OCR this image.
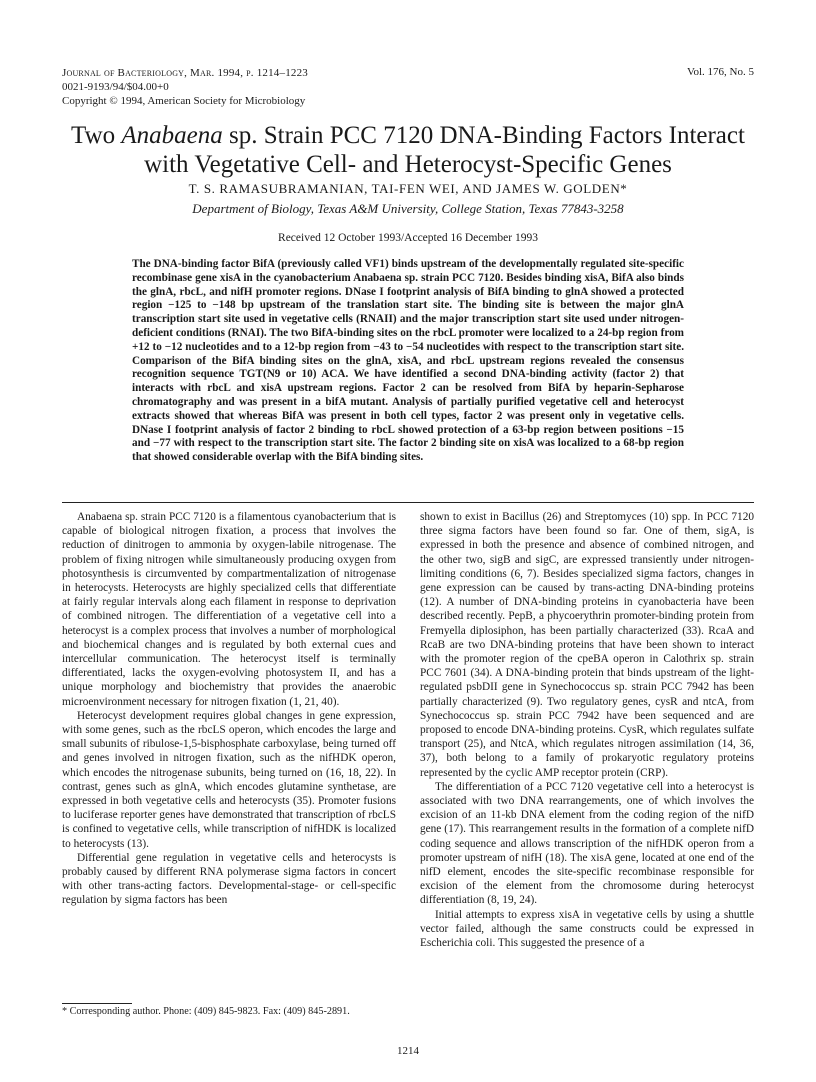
Journal of Bacteriology, Mar. 1994, p. 1214–1223
0021-9193/94/$04.00+0
Copyright © 1994, American Society for Microbiology
Vol. 176, No. 5
Two Anabaena sp. Strain PCC 7120 DNA-Binding Factors Interact
with Vegetative Cell- and Heterocyst-Specific Genes
T. S. RAMASUBRAMANIAN, TAI-FEN WEI, AND JAMES W. GOLDEN*
Department of Biology, Texas A&M University, College Station, Texas 77843-3258
Received 12 October 1993/Accepted 16 December 1993
The DNA-binding factor BifA (previously called VF1) binds upstream of the developmentally regulated site-specific recombinase gene xisA in the cyanobacterium Anabaena sp. strain PCC 7120. Besides binding xisA, BifA also binds the glnA, rbcL, and nifH promoter regions. DNase I footprint analysis of BifA binding to glnA showed a protected region −125 to −148 bp upstream of the translation start site. The binding site is between the major glnA transcription start site used in vegetative cells (RNAII) and the major transcription start site used under nitrogen-deficient conditions (RNAI). The two BifA-binding sites on the rbcL promoter were localized to a 24-bp region from +12 to −12 nucleotides and to a 12-bp region from −43 to −54 nucleotides with respect to the transcription start site. Comparison of the BifA binding sites on the glnA, xisA, and rbcL upstream regions revealed the consensus recognition sequence TGT(N9 or 10) ACA. We have identified a second DNA-binding activity (factor 2) that interacts with rbcL and xisA upstream regions. Factor 2 can be resolved from BifA by heparin-Sepharose chromatography and was present in a bifA mutant. Analysis of partially purified vegetative cell and heterocyst extracts showed that whereas BifA was present in both cell types, factor 2 was present only in vegetative cells. DNase I footprint analysis of factor 2 binding to rbcL showed protection of a 63-bp region between positions −15 and −77 with respect to the transcription start site. The factor 2 binding site on xisA was localized to a 68-bp region that showed considerable overlap with the BifA binding sites.

Anabaena sp. strain PCC 7120 is a filamentous cyanobacterium that is capable of biological nitrogen fixation, a process that involves the reduction of dinitrogen to ammonia by oxygen-labile nitrogenase. The problem of fixing nitrogen while simultaneously producing oxygen from photosynthesis is circumvented by compartmentalization of nitrogenase in heterocysts. Heterocysts are highly specialized cells that differentiate at fairly regular intervals along each filament in response to deprivation of combined nitrogen. The differentiation of a vegetative cell into a heterocyst is a complex process that involves a number of morphological and biochemical changes and is regulated by both external cues and intercellular communication. The heterocyst itself is terminally differentiated, lacks the oxygen-evolving photosystem II, and has a unique morphology and biochemistry that provides the anaerobic microenvironment necessary for nitrogen fixation (1, 21, 40).

Heterocyst development requires global changes in gene expression, with some genes, such as the rbcLS operon, which encodes the large and small subunits of ribulose-1,5-bisphosphate carboxylase, being turned off and genes involved in nitrogen fixation, such as the nifHDK operon, which encodes the nitrogenase subunits, being turned on (16, 18, 22). In contrast, genes such as glnA, which encodes glutamine synthetase, are expressed in both vegetative cells and heterocysts (35). Promoter fusions to luciferase reporter genes have demonstrated that transcription of rbcLS is confined to vegetative cells, while transcription of nifHDK is localized to heterocysts (13).

Differential gene regulation in vegetative cells and heterocysts is probably caused by different RNA polymerase sigma factors in concert with other trans-acting factors. Developmental-stage- or cell-specific regulation by sigma factors has been

shown to exist in Bacillus (26) and Streptomyces (10) spp. In PCC 7120 three sigma factors have been found so far. One of them, sigA, is expressed in both the presence and absence of combined nitrogen, and the other two, sigB and sigC, are expressed transiently under nitrogen-limiting conditions (6, 7). Besides specialized sigma factors, changes in gene expression can be caused by trans-acting DNA-binding proteins (12). A number of DNA-binding proteins in cyanobacteria have been described recently. PepB, a phycoerythrin promoter-binding protein from Fremyella diplosiphon, has been partially characterized (33). RcaA and RcaB are two DNA-binding proteins that have been shown to interact with the promoter region of the cpeBA operon in Calothrix sp. strain PCC 7601 (34). A DNA-binding protein that binds upstream of the light-regulated psbDII gene in Synechococcus sp. strain PCC 7942 has been partially characterized (9). Two regulatory genes, cysR and ntcA, from Synechococcus sp. strain PCC 7942 have been sequenced and are proposed to encode DNA-binding proteins. CysR, which regulates sulfate transport (25), and NtcA, which regulates nitrogen assimilation (14, 36, 37), both belong to a family of prokaryotic regulatory proteins represented by the cyclic AMP receptor protein (CRP).

The differentiation of a PCC 7120 vegetative cell into a heterocyst is associated with two DNA rearrangements, one of which involves the excision of an 11-kb DNA element from the coding region of the nifD gene (17). This rearrangement results in the formation of a complete nifD coding sequence and allows transcription of the nifHDK operon from a promoter upstream of nifH (18). The xisA gene, located at one end of the nifD element, encodes the site-specific recombinase responsible for excision of the element from the chromosome during heterocyst differentiation (8, 19, 24).

Initial attempts to express xisA in vegetative cells by using a shuttle vector failed, although the same constructs could be expressed in Escherichia coli. This suggested the presence of a

* Corresponding author. Phone: (409) 845-9823. Fax: (409) 845-2891.
1214
